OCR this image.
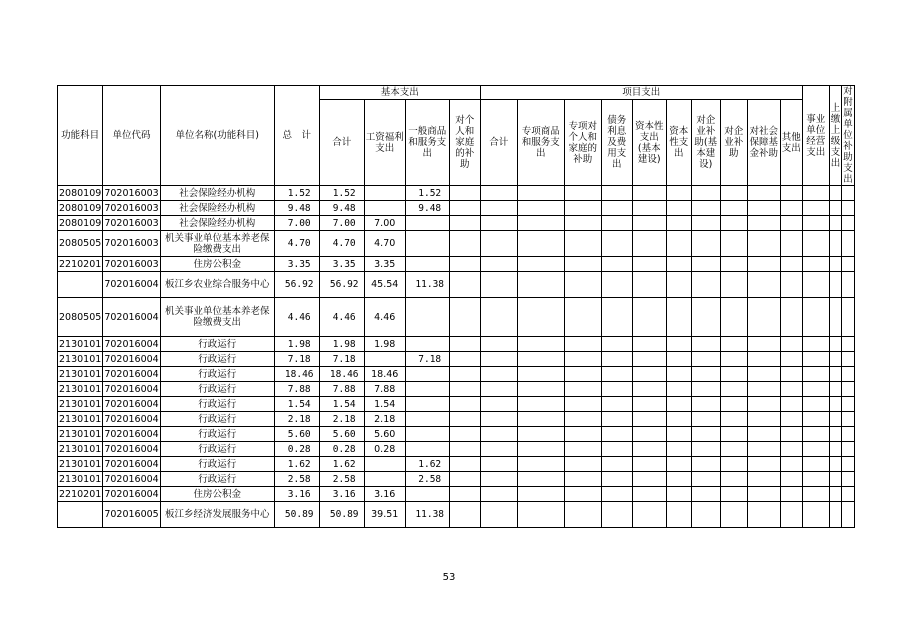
功能科目	单位代码	单位名称(功能科目)	总　计	基本支出				项目支出										事业单位经营支出	上缴上级支出	对附属单位补助支出
				合计	工资福利支出	一般商品和服务支出	对个人和家庭的补助	合计	专项商品和服务支出	专项对个人和家庭的补助	债务利息及费用支出	资本性支出(基本建设)	资本性支出	对企业补助(基本建设)	对企业补助	对社会保障基金补助	其他支出			
2080109	702016003	社会保险经办机构	1.52	1.52		1.52														
2080109	702016003	社会保险经办机构	9.48	9.48		9.48														
2080109	702016003	社会保险经办机构	7.00	7.00	7.00															
2080505	702016003	机关事业单位基本养老保险缴费支出	4.70	4.70	4.70															
2210201	702016003	住房公积金	3.35	3.35	3.35															
	702016004	板江乡农业综合服务中心	56.92	56.92	45.54	11.38														
2080505	702016004	机关事业单位基本养老保险缴费支出	4.46	4.46	4.46															
2130101	702016004	行政运行	1.98	1.98	1.98															
2130101	702016004	行政运行	7.18	7.18		7.18														
2130101	702016004	行政运行	18.46	18.46	18.46															
2130101	702016004	行政运行	7.88	7.88	7.88															
2130101	702016004	行政运行	1.54	1.54	1.54															
2130101	702016004	行政运行	2.18	2.18	2.18															
2130101	702016004	行政运行	5.60	5.60	5.60															
2130101	702016004	行政运行	0.28	0.28	0.28															
2130101	702016004	行政运行	1.62	1.62		1.62														
2130101	702016004	行政运行	2.58	2.58		2.58														
2210201	702016004	住房公积金	3.16	3.16	3.16															
	702016005	板江乡经济发展服务中心	50.89	50.89	39.51	11.38														
53
